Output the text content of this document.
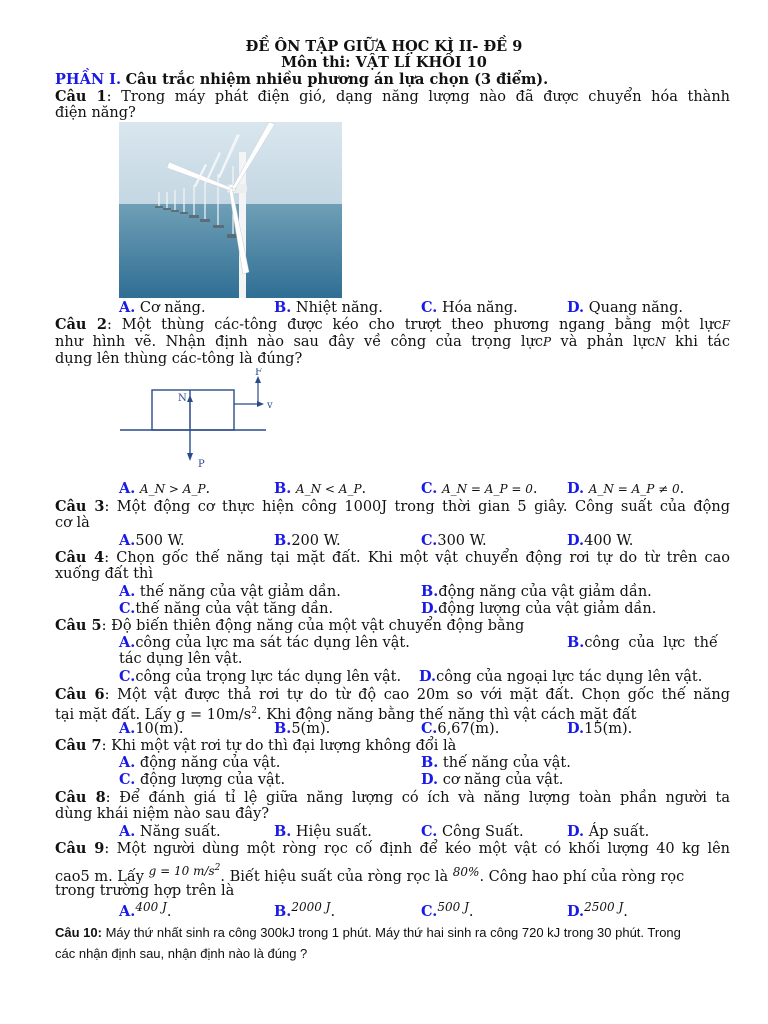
ĐỀ ÔN TẬP GIỮA HỌC KÌ II- ĐỀ 9
Môn thi: VẬT LÍ KHỐI 10
PHẦN I. Câu trắc nhiệm nhiều phương án lựa chọn (3 điểm).
Câu 1: Trong máy phát điện gió, dạng năng lượng nào đã được chuyển hóa thành
điện năng?
A. Cơ năng.	B. Nhiệt năng.	C. Hóa năng.	D. Quang năng.
Câu 2: Một thùng các-tông được kéo cho trượt theo phương ngang bằng một lựcF
như hình vẽ. Nhận định nào sau đây về công của trọng lựcP và phản lựcN khi tác
dụng lên thùng các-tông là đúng?
F
N
v
P
A. A_N > A_P.	B. A_N < A_P.	C. A_N = A_P = 0. D. A_N = A_P ≠ 0.
Câu 3: Một động cơ thực hiện công 1000J trong thời gian 5 giây. Công suất của động
cơ là
A.500 W.	B.200 W.	C.300 W.	D.400 W.
Câu 4: Chọn gốc thế năng tại mặt đất. Khi một vật chuyển động rơi tự do từ trên cao
xuống đất thì
A. thế năng của vật giảm dần.	B.động năng của vật giảm dần.
C.thế năng của vật tăng dần.	D.động lượng của vật giảm dần.
Câu 5: Độ biến thiên động năng của một vật chuyển động bằng
A.công của lực ma sát tác dụng lên vật.	B.công của lực thế
tác dụng lên vật.
C.công của trọng lực tác dụng lên vật. D.công của ngoại lực tác dụng lên vật.
Câu 6: Một vật được thả rơi tự do từ độ cao 20m so với mặt đất. Chọn gốc thế năng
tại mặt đất. Lấy $g = 10m/s^2$. Khi động năng bằng thế năng thì vật cách mặt đất
A.10(m).	B.5(m).	C.6,67(m).	D.15(m).
Câu 7: Khi một vật rơi tự do thì đại lượng không đổi là
A. động năng của vật.	B. thế năng của vật.
C. động lượng của vật.	D. cơ năng của vật.
Câu 8: Để đánh giá tỉ lệ giữa năng lượng có ích và năng lượng toàn phần người ta
dùng khái niệm nào sau đây?
A. Năng suất.	B. Hiệu suất.	C. Công Suất.	D. Áp suất.
Câu 9: Một người dùng một ròng rọc cố định để kéo một vật có khối lượng 40 kg lên
cao5 m. Lấy $^{g = 10 m/s^2}$. Biết hiệu suất của ròng rọc là $^{80\%}$. Công hao phí của ròng rọc
trong trường hợp trên là
A.$^{400 J}$.	B.$^{2000 J}$.	C.$^{500 J}$.	D.$^{2500 J}$.
Câu 10: Máy thứ nhất sinh ra công 300kJ trong 1 phút. Máy thứ hai sinh ra công 720 kJ trong 30 phút. Trong
các nhận định sau, nhận định nào là đúng ?
